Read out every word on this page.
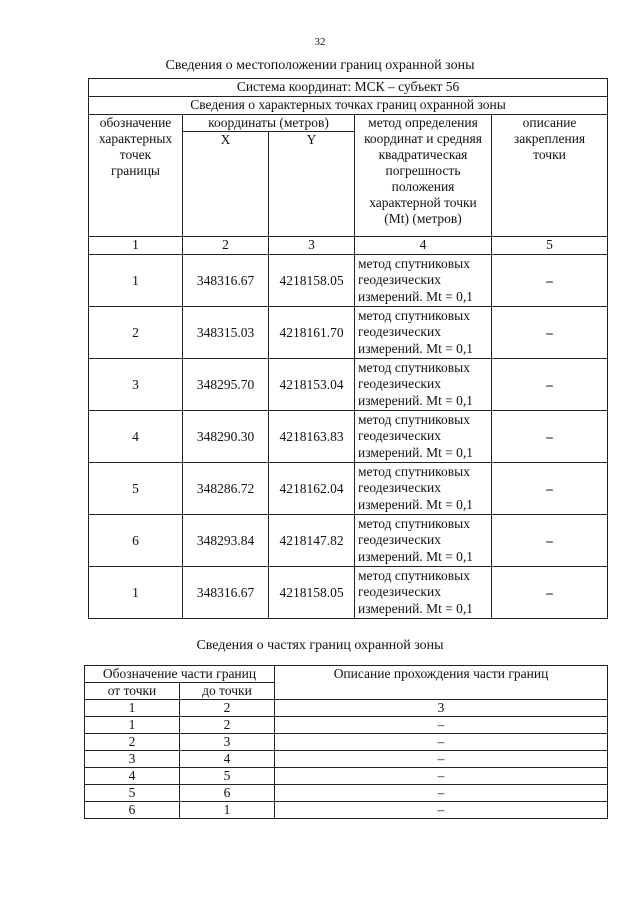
32
Сведения о местоположении границ охранной зоны
Система координат: МСК – субъект 56				
Сведения о характерных точках границ охранной зоны				

обозначение характерных точек границы	координаты (метров)		метод определения координат и средняя квадратическая погрешность положения характерной точки (Mt) (метров)	описание закрепления точки

	X	Y		
1	2	3	4	5
1	348316.67	4218158.05	метод спутниковых геодезических измерений. Mt = 0,1	–
2	348315.03	4218161.70	метод спутниковых геодезических измерений. Mt = 0,1	–
3	348295.70	4218153.04	метод спутниковых геодезических измерений. Mt = 0,1	–
4	348290.30	4218163.83	метод спутниковых геодезических измерений. Mt = 0,1	–
5	348286.72	4218162.04	метод спутниковых геодезических измерений. Mt = 0,1	–
6	348293.84	4218147.82	метод спутниковых геодезических измерений. Mt = 0,1	–
1	348316.67	4218158.05	метод спутниковых геодезических измерений. Mt = 0,1	–
Сведения о частях границ охранной зоны
Обозначение части границ		Описание прохождения части границ
от точки	до точки	
1	2	3
1	2	–
2	3	–
3	4	–
4	5	–
5	6	–
6	1	–
